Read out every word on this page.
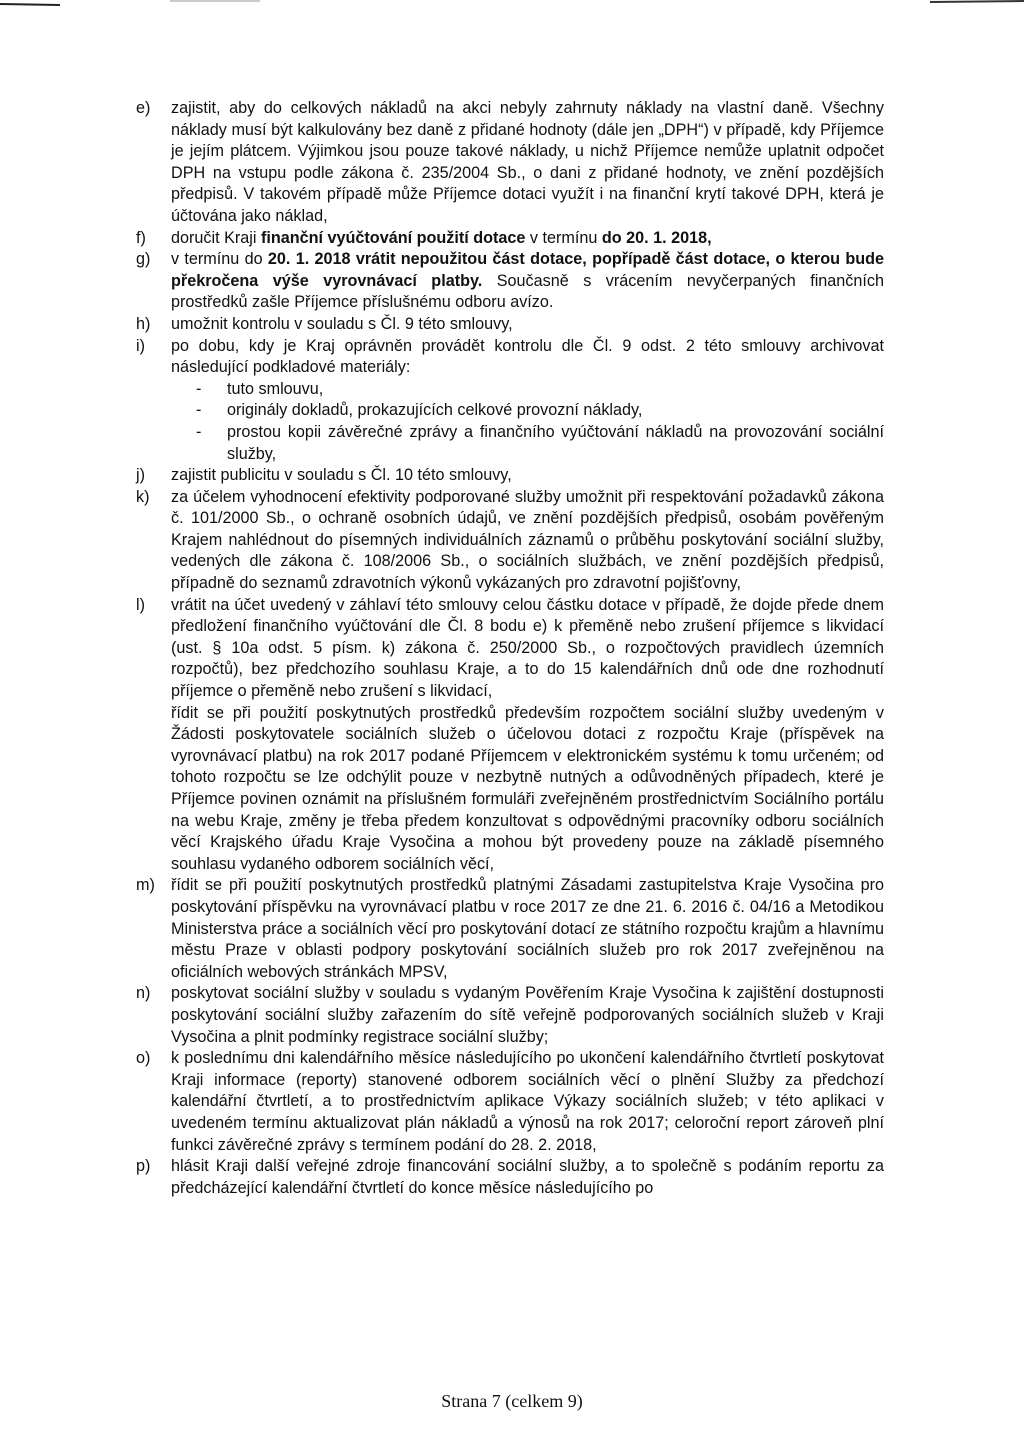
e) zajistit, aby do celkových nákladů na akci nebyly zahrnuty náklady na vlastní daně. Všechny náklady musí být kalkulovány bez daně z přidané hodnoty (dále jen „DPH“) v případě, kdy Příjemce je jejím plátcem. Výjimkou jsou pouze takové náklady, u nichž Příjemce nemůže uplatnit odpočet DPH na vstupu podle zákona č. 235/2004 Sb., o dani z přidané hodnoty, ve znění pozdějších předpisů. V takovém případě může Příjemce dotaci využít i na finanční krytí takové DPH, která je účtována jako náklad,
f) doručit Kraji finanční vyúčtování použití dotace v termínu do 20. 1. 2018,
g) v termínu do 20. 1. 2018 vrátit nepoužitou část dotace, popřípadě část dotace, o kterou bude překročena výše vyrovnávací platby. Současně s vrácením nevyčerpaných finančních prostředků zašle Příjemce příslušnému odboru avízo.
h) umožnit kontrolu v souladu s Čl. 9 této smlouvy,
i) po dobu, kdy je Kraj oprávněn provádět kontrolu dle Čl. 9 odst. 2 této smlouvy archivovat následující podkladové materiály:
- tuto smlouvu,
- originály dokladů, prokazujících celkové provozní náklady,
- prostou kopii závěrečné zprávy a finančního vyúčtování nákladů na provozování sociální služby,
j) zajistit publicitu v souladu s Čl. 10 této smlouvy,
k) za účelem vyhodnocení efektivity podporované služby umožnit při respektování požadavků zákona č. 101/2000 Sb., o ochraně osobních údajů, ve znění pozdějších předpisů, osobám pověřeným Krajem nahlédnout do písemných individuálních záznamů o průběhu poskytování sociální služby, vedených dle zákona č. 108/2006 Sb., o sociálních službách, ve znění pozdějších předpisů, případně do seznamů zdravotních výkonů vykázaných pro zdravotní pojišťovny,
l) vrátit na účet uvedený v záhlaví této smlouvy celou částku dotace v případě, že dojde přede dnem předložení finančního vyúčtování dle Čl. 8 bodu e) k přeměně nebo zrušení příjemce s likvidací (ust. § 10a odst. 5 písm. k) zákona č. 250/2000 Sb., o rozpočtových pravidlech územních rozpočtů), bez předchozího souhlasu Kraje, a to do 15 kalendářních dnů ode dne rozhodnutí příjemce o přeměně nebo zrušení s likvidací,
řídit se při použití poskytnutých prostředků především rozpočtem sociální služby uvedeným v Žádosti poskytovatele sociálních služeb o účelovou dotaci z rozpočtu Kraje (příspěvek na vyrovnávací platbu) na rok 2017 podané Příjemcem v elektronickém systému k tomu určeném; od tohoto rozpočtu se lze odchýlit pouze v nezbytně nutných a odůvodněných případech, které je Příjemce povinen oznámit na příslušném formuláři zveřejněném prostřednictvím Sociálního portálu na webu Kraje, změny je třeba předem konzultovat s odpovědnými pracovníky odboru sociálních věcí Krajského úřadu Kraje Vysočina a mohou být provedeny pouze na základě písemného souhlasu vydaného odborem sociálních věcí,
m) řídit se při použití poskytnutých prostředků platnými Zásadami zastupitelstva Kraje Vysočina pro poskytování příspěvku na vyrovnávací platbu v roce 2017 ze dne 21. 6. 2016 č. 04/16 a Metodikou Ministerstva práce a sociálních věcí pro poskytování dotací ze státního rozpočtu krajům a hlavnímu městu Praze v oblasti podpory poskytování sociálních služeb pro rok 2017 zveřejněnou na oficiálních webových stránkách MPSV,
n) poskytovat sociální služby v souladu s vydaným Pověřením Kraje Vysočina k zajištění dostupnosti poskytování sociální služby zařazením do sítě veřejně podporovaných sociálních služeb v Kraji Vysočina a plnit podmínky registrace sociální služby;
o) k poslednímu dni kalendářního měsíce následujícího po ukončení kalendářního čtvrtletí poskytovat Kraji informace (reporty) stanovené odborem sociálních věcí o plnění Služby za předchozí kalendářní čtvrtletí, a to prostřednictvím aplikace Výkazy sociálních služeb; v této aplikaci v uvedeném termínu aktualizovat plán nákladů a výnosů na rok 2017; celoroční report zároveň plní funkci závěrečné zprávy s termínem podání do 28. 2. 2018,
p) hlásit Kraji další veřejné zdroje financování sociální služby, a to společně s podáním reportu za předcházející kalendářní čtvrtletí do konce měsíce následujícího po
Strana 7 (celkem 9)
